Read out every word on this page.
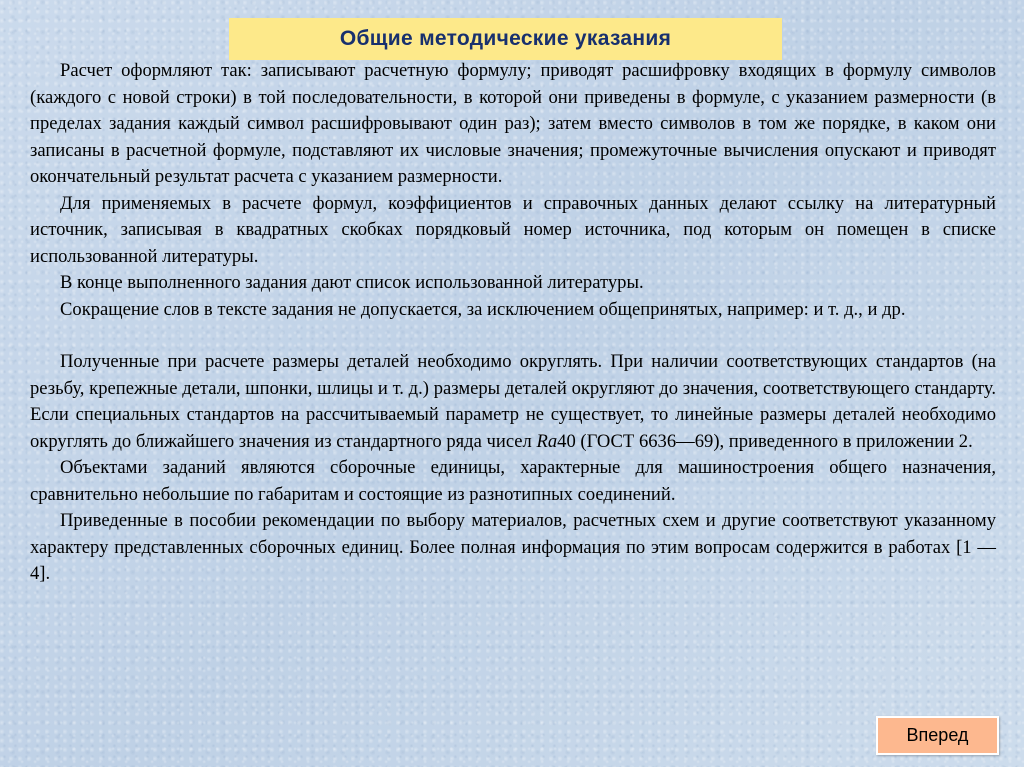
Общие методические указания

Расчет оформляют так: записывают расчетную формулу; приводят расшифровку входящих в формулу символов (каждого с новой строки) в той последовательности, в которой они приведены в формуле, с указанием размерности (в пределах задания каждый символ расшифровывают один раз); затем вместо символов в том же порядке, в каком они записаны в расчетной формуле, подставляют их числовые значения; промежуточные вычисления опускают и приводят окончательный результат расчета с указанием размерности.

Для применяемых в расчете формул, коэффициентов и справочных данных делают ссылку на литературный источник, записывая в квадратных скобках порядковый номер источника, под которым он помещен в списке использованной литературы.

В конце выполненного задания дают список использованной литературы.

Сокращение слов в тексте задания не допускается, за исключением общепринятых, например: и т. д., и др.

Полученные при расчете размеры деталей необходимо округлять. При наличии соответствующих стандартов (на резьбу, крепежные детали, шпонки, шлицы и т. д.) размеры деталей округляют до значения, соответствующего стандарту. Если специальных стандартов на рассчитываемый параметр не существует, то линейные размеры деталей необходимо округлять до ближайшего значения из стандартного ряда чисел Ra40 (ГОСТ 6636—69), приведенного в приложении 2.

Объектами заданий являются сборочные единицы, характерные для машиностроения общего назначения, сравнительно небольшие по габаритам и состоящие из разнотипных соединений.

Приведенные в пособии рекомендации по выбору материалов, расчетных схем и другие соответствуют указанному характеру представленных сборочных единиц. Более полная информация по этим вопросам содержится в работах [1 — 4].

Вперед
